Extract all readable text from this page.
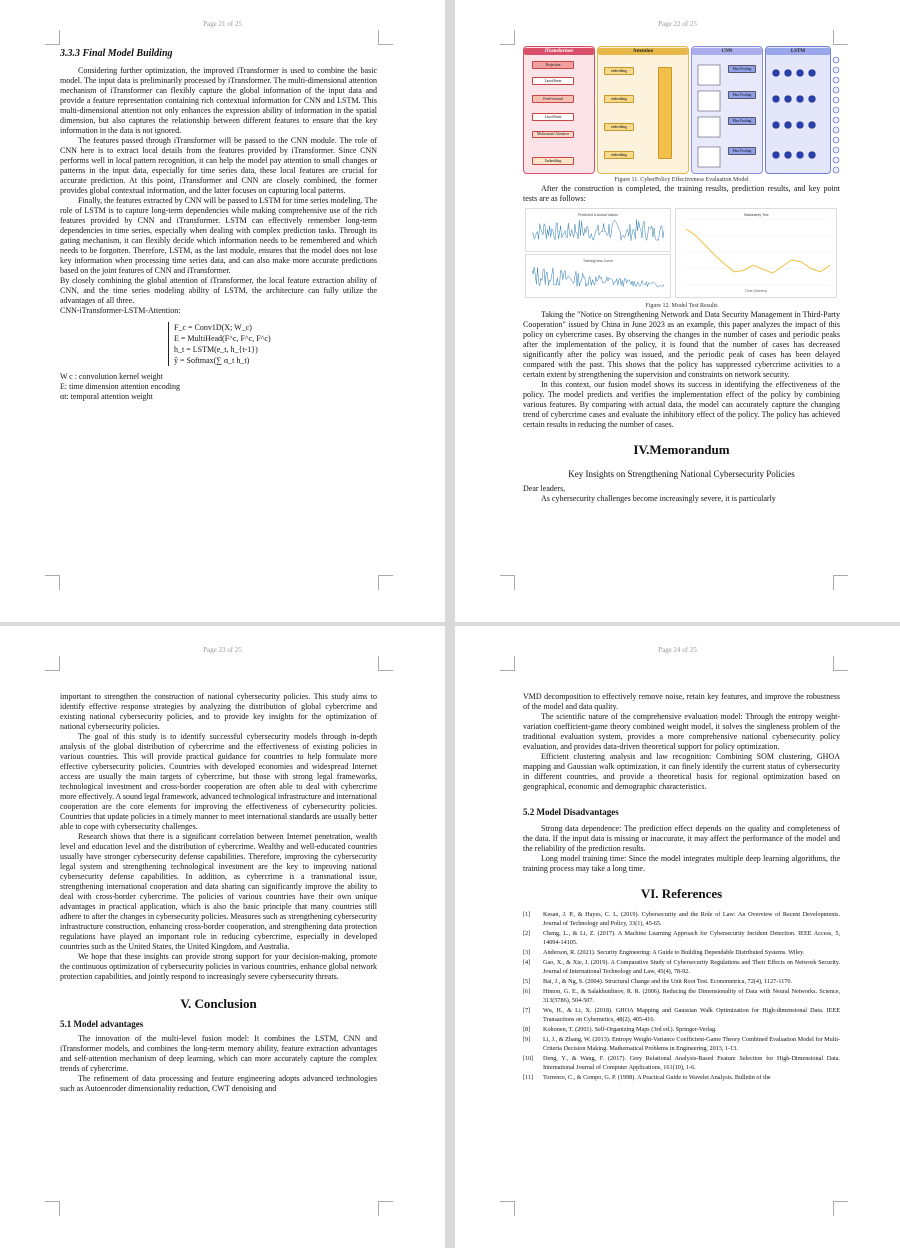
Page 21 of 25
3.3.3 Final Model Building

Considering further optimization, the improved iTransformer is used to combine the basic model. The input data is preliminarily processed by iTransformer. The multi-dimensional attention mechanism of iTransformer can flexibly capture the global information of the input data and provide a feature representation containing rich contextual information for CNN and LSTM. This multi-dimensional attention not only enhances the expression ability of information in the spatial dimension, but also captures the relationship between different features to ensure that the key information in the data is not ignored.

The features passed through iTransformer will be passed to the CNN module. The role of CNN here is to extract local details from the features provided by iTransformer. Since CNN performs well in local pattern recognition, it can help the model pay attention to small changes or patterns in the input data, especially for time series data, these local features are crucial for accurate prediction. At this point, iTransformer and CNN are closely combined, the former provides global contextual information, and the latter focuses on capturing local patterns.

Finally, the features extracted by CNN will be passed to LSTM for time series modeling. The role of LSTM is to capture long-term dependencies while making comprehensive use of the rich features provided by CNN and iTransformer. LSTM can effectively remember long-term dependencies in time series, especially when dealing with complex prediction tasks. Through its gating mechanism, it can flexibly decide which information needs to be remembered and which needs to be forgotten. Therefore, LSTM, as the last module, ensures that the model does not lose key information when processing time series data, and can also make more accurate predictions based on the joint features of CNN and iTransformer.

By closely combining the global attention of iTransformer, the local feature extraction ability of CNN, and the time series modeling ability of LSTM, the architecture can fully utilize the advantages of all three.

CNN-iTransformer-LSTM-Attention:

F_c = Conv1D(X; W_c)
E = MultiHead(F^c, F^c, F^c)
h_t = LSTM(e_t, h_{t-1})
ŷ = Softmax(∑ α_t h_t)

W c : convolution kernel weight

E: time dimension attention encoding

αt: temporal attention weight

Page 22 of 25
iTransformer
Projection
LayerNorm
Feed-forward
LayerNorm
Multivariate Attention
Embedding
Attention
embedding
embedding
embedding
embedding
CNN
Max Pooling
Max Pooling
Max Pooling
Max Pooling
LSTM
Figure 11. CyberPolicy Effectiveness Evaluation Model

After the construction is completed, the training results, prediction results, and key point tests are as follows:

Predicted & Actual Values
Training loss Curve
Stationarity Test
Time (Months)
Figure 12. Model Test Results

Taking the "Notice on Strengthening Network and Data Security Management in Third-Party Cooperation" issued by China in June 2023 as an example, this paper analyzes the impact of this policy on cybercrime cases. By observing the changes in the number of cases and periodic peaks after the implementation of the policy, it is found that the number of cases has decreased significantly after the policy was issued, and the periodic peak of cases has been delayed compared with the past. This shows that the policy has suppressed cybercrime activities to a certain extent by strengthening the supervision and constraints on network security.

In this context, our fusion model shows its success in identifying the effectiveness of the policy. The model predicts and verifies the implementation effect of the policy by combining various features. By comparing with actual data, the model can accurately capture the changing trend of cybercrime cases and evaluate the inhibitory effect of the policy. The policy has achieved certain results in reducing the number of cases.

IV.Memorandum
Key Insights on Strengthening National Cybersecurity Policies

Dear leaders,

As cybersecurity challenges become increasingly severe, it is particularly

Page 23 of 25

important to strengthen the construction of national cybersecurity policies. This study aims to identify effective response strategies by analyzing the distribution of global cybercrime and existing national cybersecurity policies, and to provide key insights for the optimization of national cybersecurity policies.

The goal of this study is to identify successful cybersecurity models through in-depth analysis of the global distribution of cybercrime and the effectiveness of existing policies in various countries. This will provide practical guidance for countries to help formulate more effective cybersecurity policies. Countries with developed economies and widespread Internet access are usually the main targets of cybercrime, but those with strong legal frameworks, technological investment and cross-border cooperation are often able to deal with cybercrime more effectively. A sound legal framework, advanced technological infrastructure and international cooperation are the core elements for improving the effectiveness of cybersecurity policies. Countries that update policies in a timely manner to meet international standards are usually better able to cope with cybersecurity challenges.

Research shows that there is a significant correlation between Internet penetration, wealth level and education level and the distribution of cybercrime. Wealthy and well-educated countries usually have stronger cybersecurity defense capabilities. Therefore, improving the cybersecurity legal system and strengthening technological investment are the key to improving national cybersecurity defense capabilities. In addition, as cybercrime is a transnational issue, strengthening international cooperation and data sharing can significantly improve the ability to deal with cross-border cybercrime. The policies of various countries have their own unique advantages in practical application, which is also the basic principle that many countries still adhere to after the changes in cybersecurity policies. Measures such as strengthening cybersecurity infrastructure construction, enhancing cross-border cooperation, and strengthening data protection regulations have played an important role in reducing cybercrime, especially in developed countries such as the United States, the United Kingdom, and Australia.

We hope that these insights can provide strong support for your decision-making, promote the continuous optimization of cybersecurity policies in various countries, enhance global network protection capabilities, and jointly respond to increasingly severe cybersecurity threats.

V. Conclusion
5.1 Model advantages

The innovation of the multi-level fusion model: It combines the LSTM, CNN and iTransformer models, and combines the long-term memory ability, feature extraction advantages and self-attention mechanism of deep learning, which can more accurately capture the complex trends of cybercrime.

The refinement of data processing and feature engineering adopts advanced technologies such as Autoencoder dimensionality reduction, CWT denoising and

Page 24 of 25

VMD decomposition to effectively remove noise, retain key features, and improve the robustness of the model and data quality.

The scientific nature of the comprehensive evaluation model: Through the entropy weight-variation coefficient-game theory combined weight model, it solves the singleness problem of the traditional evaluation system, provides a more comprehensive national cybersecurity policy evaluation, and provides data-driven theoretical support for policy optimization.

Efficient clustering analysis and law recognition: Combining SOM clustering, GHOA mapping and Gaussian walk optimization, it can finely identify the current status of cybersecurity in different countries, and provide a theoretical basis for regional optimization based on geographical, economic and demographic characteristics.

5.2 Model Disadvantages

Strong data dependence: The prediction effect depends on the quality and completeness of the data. If the input data is missing or inaccurate, it may affect the performance of the model and the reliability of the prediction results.

Long model training time: Since the model integrates multiple deep learning algorithms, the training process may take a long time.

VI. References
[1]	Kesan, J. P., & Hayes, C. L. (2019). Cybersecurity and the Role of Law: An Overview of Recent Developments. Journal of Technology and Policy, 33(1), 45-65.
[2]	Cheng, L., & Li, Z. (2017). A Machine Learning Approach for Cybersecurity Incident Detection. IEEE Access, 5, 14094-14105.
[3]	Anderson, R. (2021). Security Engineering: A Guide to Building Dependable Distributed Systems. Wiley.
[4]	Gao, X., & Xie, J. (2019). A Comparative Study of Cybersecurity Regulations and Their Effects on Network Security. Journal of International Technology and Law, 45(4), 78-92.
[5]	Bai, J., & Ng, S. (2004). Structural Change and the Unit Root Test. Econometrica, 72(4), 1127-1170.
[6]	Hinton, G. E., & Salakhutdinov, R. R. (2006). Reducing the Dimensionality of Data with Neural Networks. Science, 313(5786), 504-507.
[7]	Wu, H., & Li, X. (2018). GHOA Mapping and Gaussian Walk Optimization for High-dimensional Data. IEEE Transactions on Cybernetics, 48(2), 405-416.
[8]	Kohonen, T. (2001). Self-Organizing Maps (3rd ed.). Springer-Verlag.
[9]	Li, J., & Zhang, W. (2013). Entropy Weight-Variance Coefficient-Game Theory Combined Evaluation Model for Multi-Criteria Decision Making. Mathematical Problems in Engineering, 2013, 1-13.
[10]	Deng, Y., & Wang, F. (2017). Grey Relational Analysis-Based Feature Selection for High-Dimensional Data. International Journal of Computer Applications, 161(10), 1-6.
[11]	Torrence, C., & Compo, G. P. (1998). A Practical Guide to Wavelet Analysis. Bulletin of the
